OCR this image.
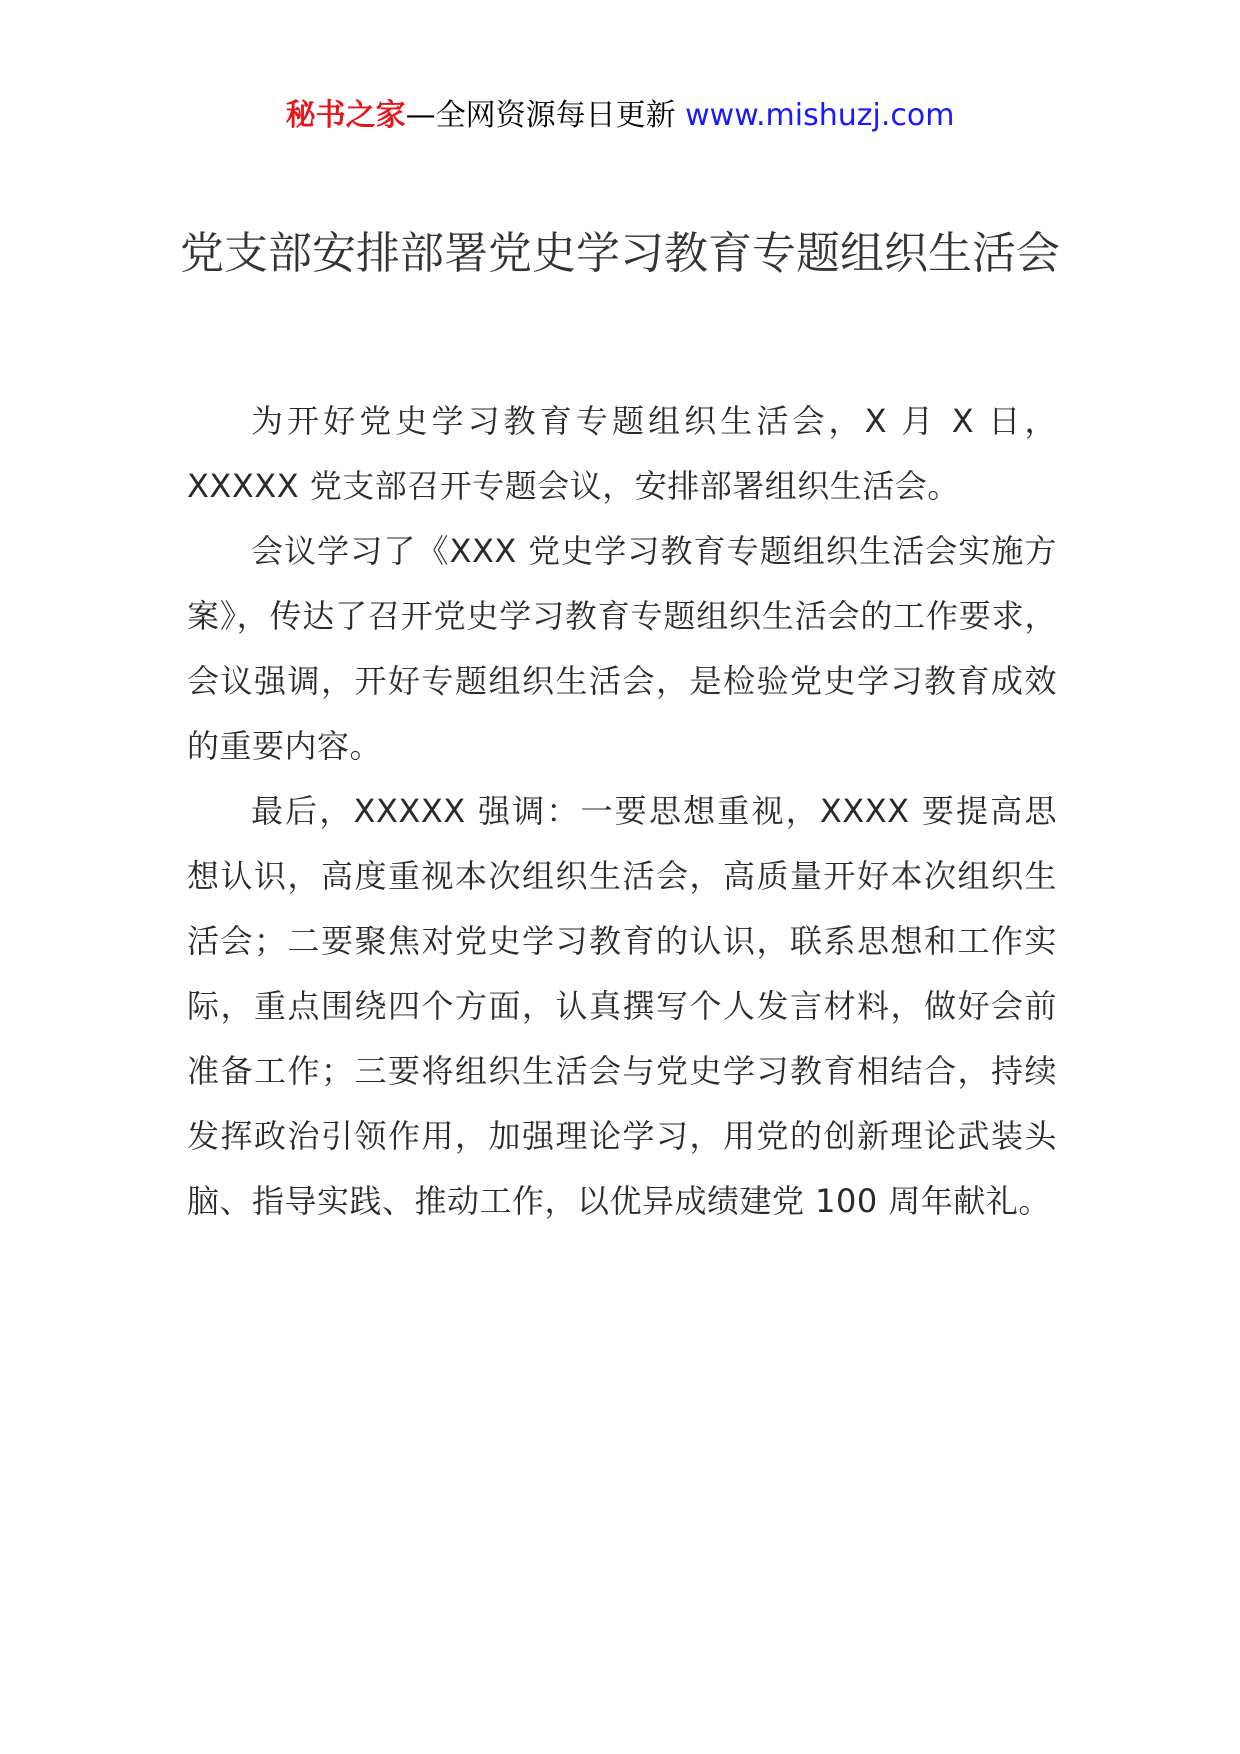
秘书之家—全网资源每日更新 www.mishuzj.com
党支部安排部署党史学习教育专题组织生活会

为开好党史学习教育专题组织生活会，X 月 X 日，XXXXX 党支部召开专题会议，安排部署组织生活会。

会议学习了《XXX 党史学习教育专题组织生活会实施方案》，传达了召开党史学习教育专题组织生活会的工作要求，会议强调，开好专题组织生活会，是检验党史学习教育成效的重要内容。

最后，XXXXX 强调：一要思想重视，XXXX 要提高思想认识，高度重视本次组织生活会，高质量开好本次组织生活会；二要聚焦对党史学习教育的认识，联系思想和工作实际，重点围绕四个方面，认真撰写个人发言材料，做好会前准备工作；三要将组织生活会与党史学习教育相结合，持续发挥政治引领作用，加强理论学习，用党的创新理论武装头脑、指导实践、推动工作，以优异成绩建党 100 周年献礼。
